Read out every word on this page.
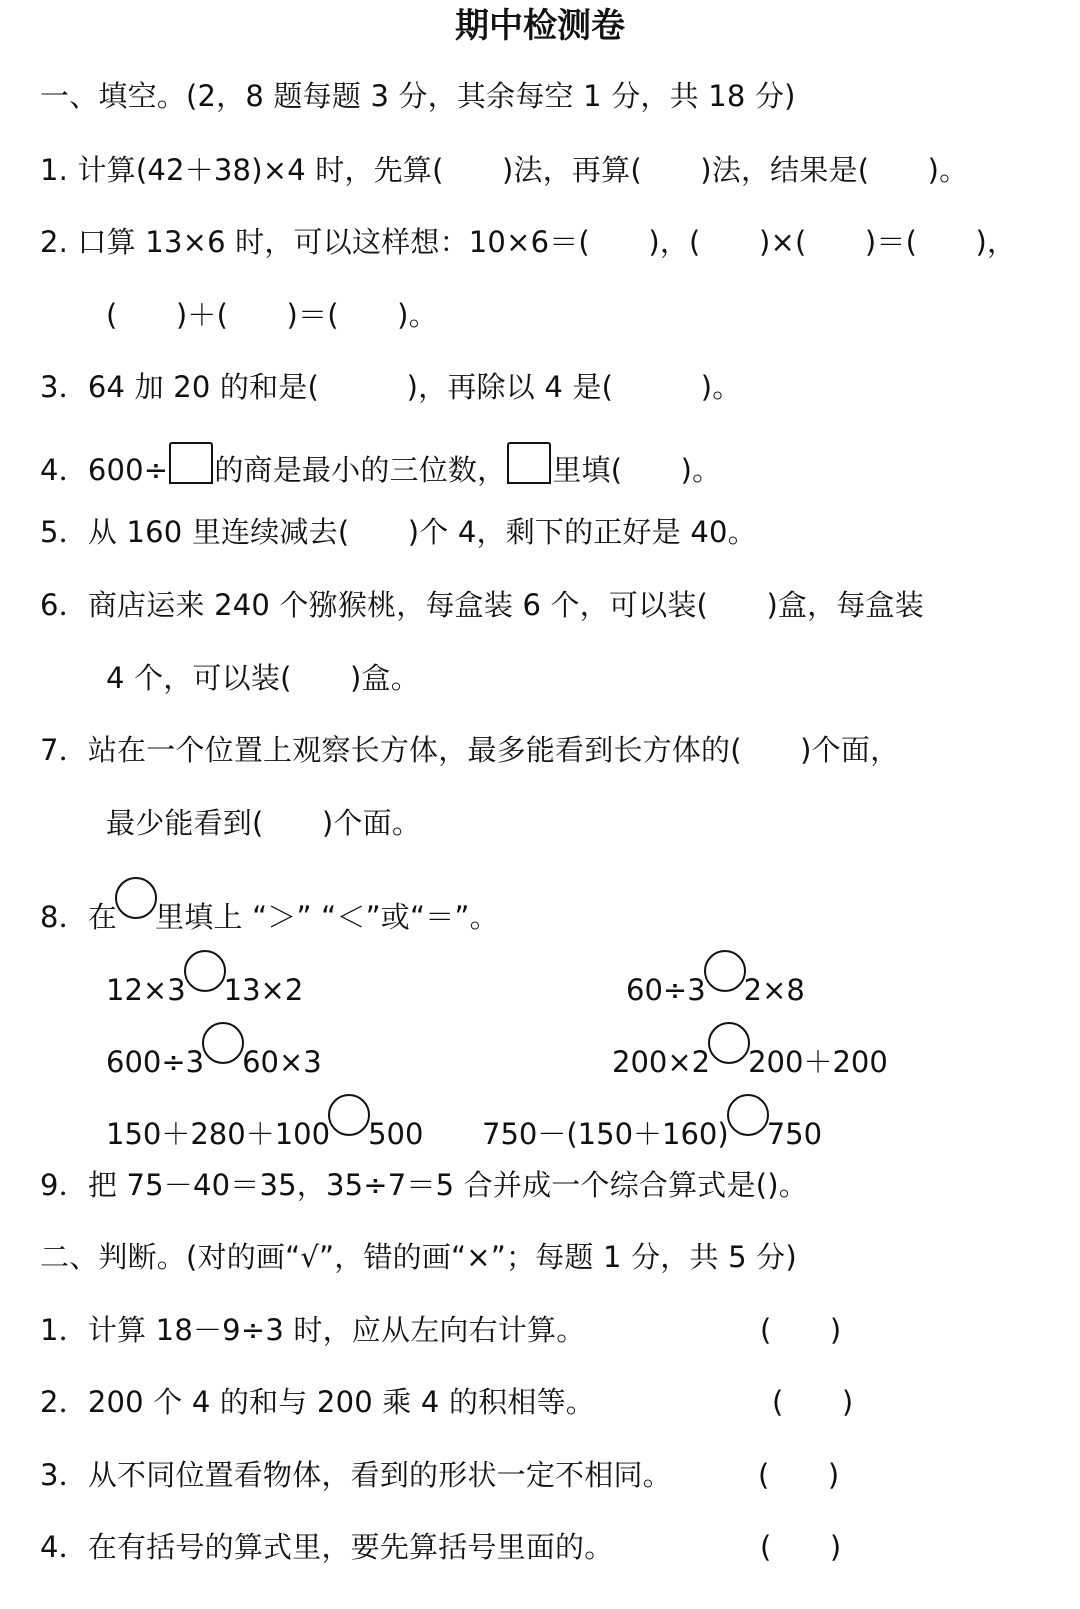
期中检测卷
一、填空。(2，8 题每题 3 分，其余每空 1 分，共 18 分)
1. 计算(42＋38)×4 时，先算(　　)法，再算(　　)法，结果是(　　)。
2. 口算 13×6 时，可以这样想：10×6＝(　　)，(　　)×(　　)＝(　　)，
(　　)＋(　　)＝(　　)。
3．64 加 20 的和是(　　　)，再除以 4 是(　　　)。
4．600÷ 的商是最小的三位数， 里填(　　)。
5．从 160 里连续减去(　　)个 4，剩下的正好是 40。
6．商店运来 240 个猕猴桃，每盒装 6 个，可以装(　　)盒，每盒装
4 个，可以装(　　)盒。
7．站在一个位置上观察长方体，最多能看到长方体的(　　)个面，
最少能看到(　　)个面。
8．在 里填上 “＞” “＜”或“＝”。
12×3 13×2	60÷3 2×8
600÷3 60×3	200×2 200＋200
150＋280＋100 500 750－(150＋160) 750
9．把 75－40＝35，35÷7＝5 合并成一个综合算式是()。
二、判断。(对的画“√”，错的画“×”；每题 1 分，共 5 分)
1．计算 18－9÷3 时，应从左向右计算。	(　　)
2．200 个 4 的和与 200 乘 4 的积相等。	(　　)
3．从不同位置看物体，看到的形状一定不相同。	(　　)
4．在有括号的算式里，要先算括号里面的。	(　　)
